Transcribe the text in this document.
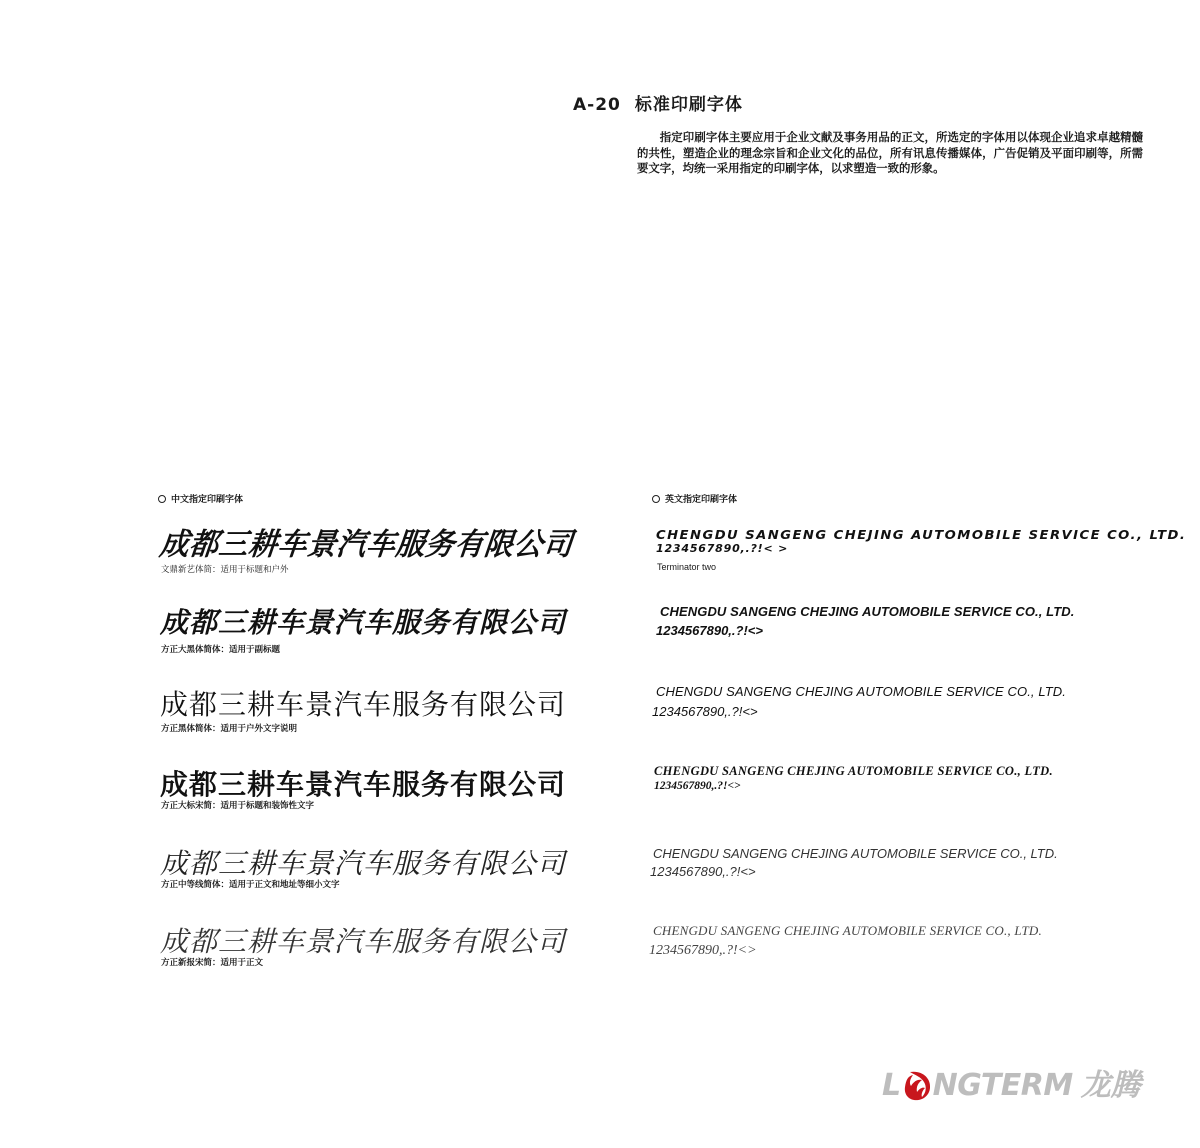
A-20 标准印刷字体
指定印刷字体主要应用于企业文献及事务用品的正文，所选定的字体用以体现企业追求卓越精髓的共性，塑造企业的理念宗旨和企业文化的品位，所有讯息传播媒体，广告促销及平面印刷等，所需要文字，均统一采用指定的印刷字体，以求塑造一致的形象。
中文指定印刷字体	英文指定印刷字体
成都三耕车景汽车服务有限公司
文鼎新艺体简：适用于标题和户外
成都三耕车景汽车服务有限公司
方正大黑体简体：适用于副标题
成都三耕车景汽车服务有限公司
方正黑体简体：适用于户外文字说明
成都三耕车景汽车服务有限公司
方正大标宋简：适用于标题和装饰性文字
成都三耕车景汽车服务有限公司
方正中等线简体：适用于正文和地址等细小文字
成都三耕车景汽车服务有限公司
方正新报宋简：适用于正文
CHENGDU SANGENG CHEJING AUTOMOBILE SERVICE CO., LTD.
1234567890,.?!< >
Terminator two
CHENGDU SANGENG CHEJING AUTOMOBILE SERVICE CO., LTD.
1234567890,.?!<>
CHENGDU SANGENG CHEJING AUTOMOBILE SERVICE CO., LTD.
1234567890,.?!<>
CHENGDU SANGENG CHEJING AUTOMOBILE SERVICE CO., LTD.
1234567890,.?!<>
CHENGDU SANGENG CHEJING AUTOMOBILE SERVICE CO., LTD.
1234567890,.?!<>
CHENGDU SANGENG CHEJING AUTOMOBILE SERVICE CO., LTD.
1234567890,.?!<>
L NGTERM 龙腾
